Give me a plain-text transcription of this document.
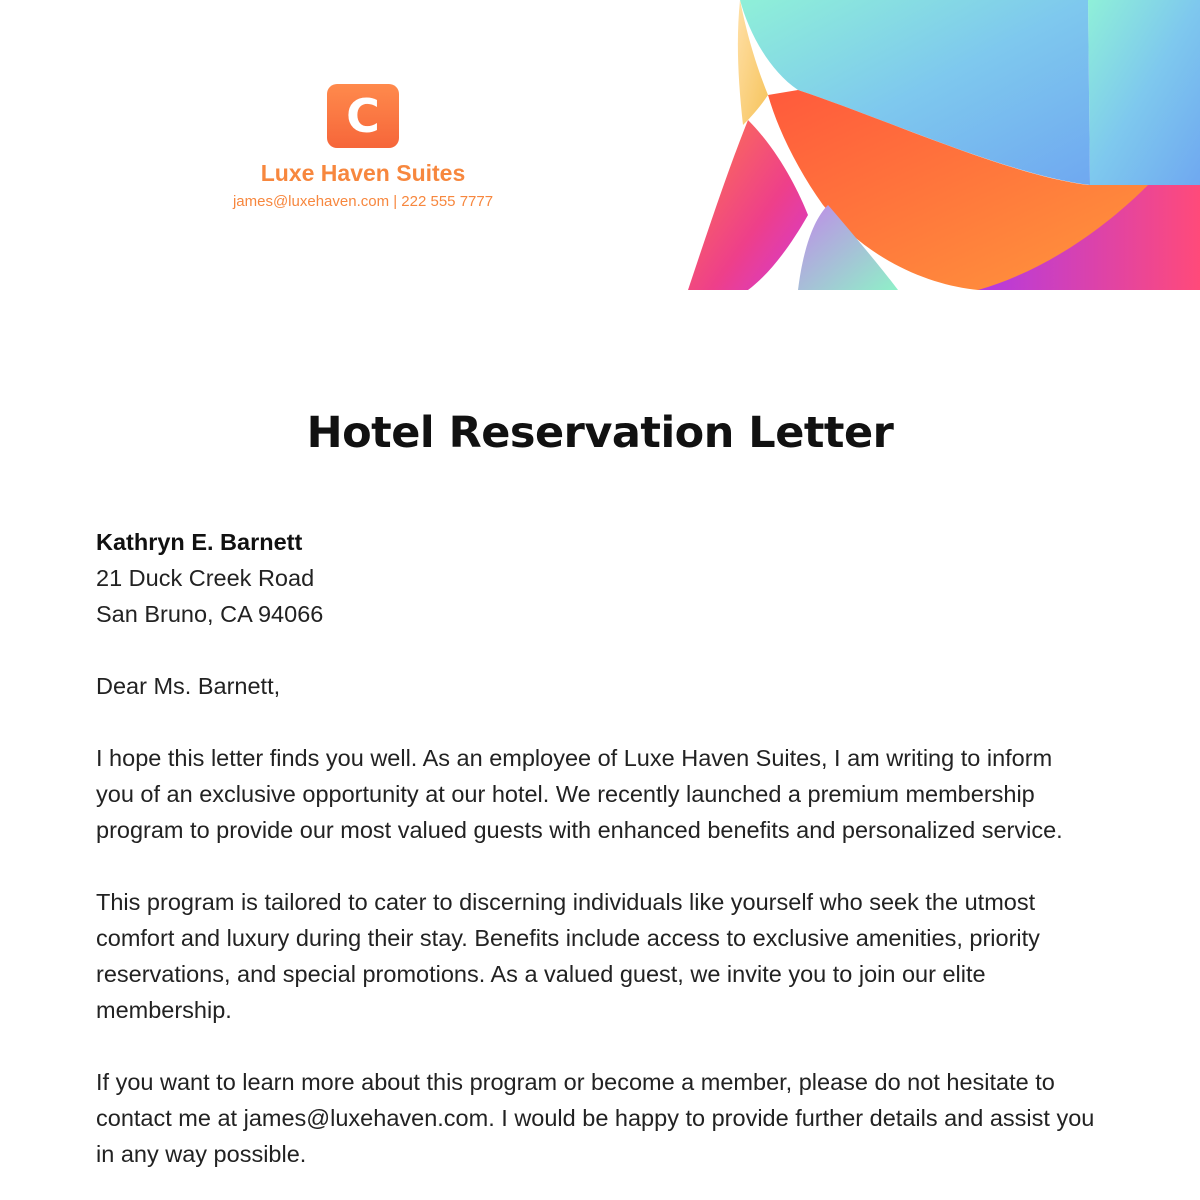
C
Luxe Haven Suites
james@luxehaven.com | 222 555 7777
Hotel Reservation Letter
Kathryn E. Barnett
21 Duck Creek Road
San Bruno, CA 94066
Dear Ms. Barnett,
I hope this letter finds you well. As an employee of Luxe Haven Suites, I am writing to inform you of an exclusive opportunity at our hotel. We recently launched a premium membership program to provide our most valued guests with enhanced benefits and personalized service.
This program is tailored to cater to discerning individuals like yourself who seek the utmost comfort and luxury during their stay. Benefits include access to exclusive amenities, priority reservations, and special promotions. As a valued guest, we invite you to join our elite membership.
If you want to learn more about this program or become a member, please do not hesitate to contact me at james@luxehaven.com. I would be happy to provide further details and assist you in any way possible.
